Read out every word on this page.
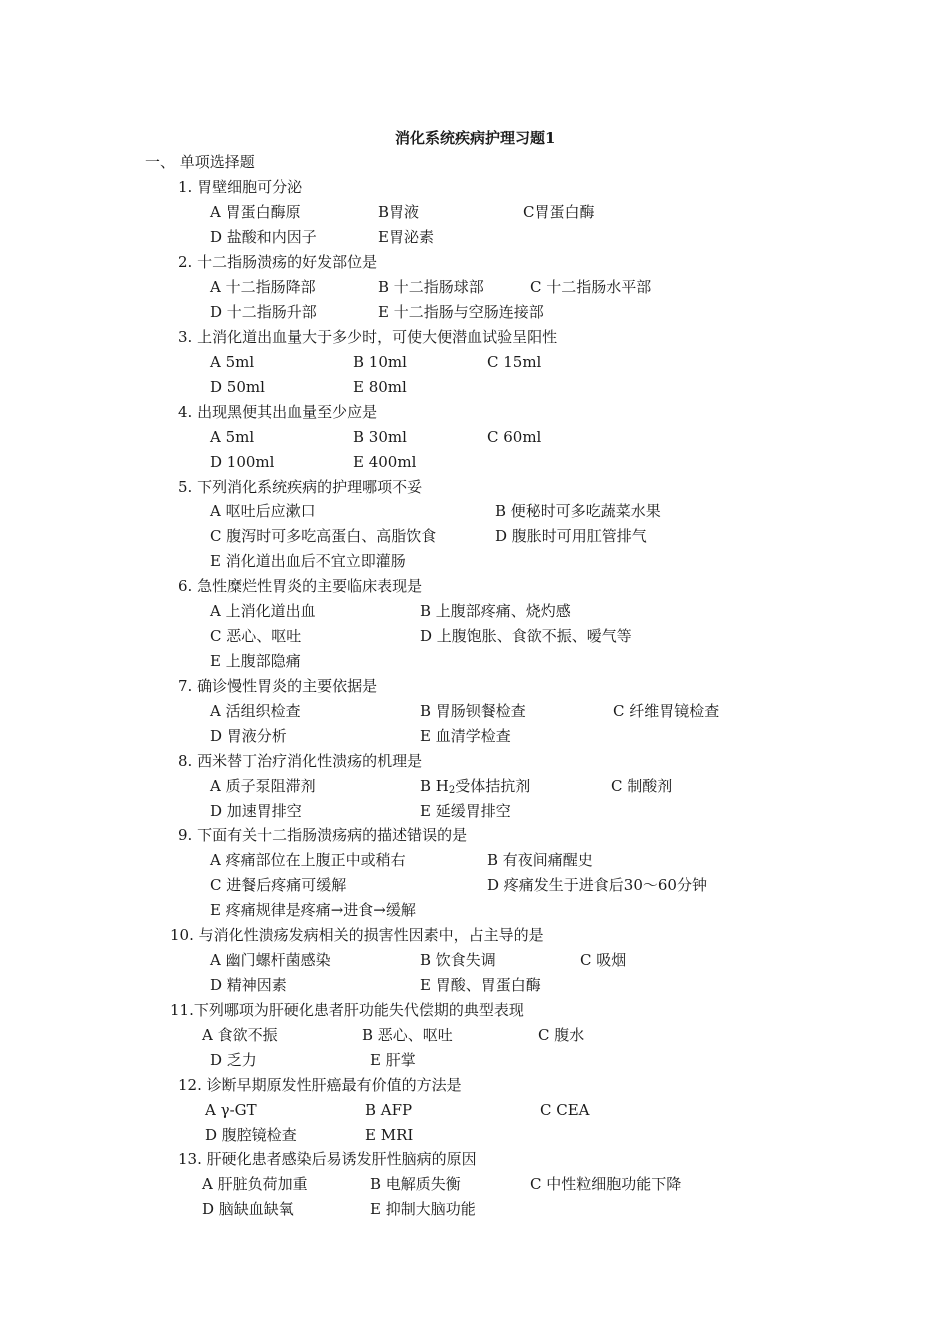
消化系统疾病护理习题1
一、 单项选择题
1. 胃壁细胞可分泌
A 胃蛋白酶原	B胃液	C胃蛋白酶
D 盐酸和内因子	E胃泌素
2. 十二指肠溃疡的好发部位是
A 十二指肠降部	B 十二指肠球部	C 十二指肠水平部
D 十二指肠升部	E 十二指肠与空肠连接部
3. 上消化道出血量大于多少时，可使大便潜血试验呈阳性
A 5ml	B 10ml	C 15ml
D 50ml	E 80ml
4. 出现黑便其出血量至少应是
A 5ml	B 30ml	C 60ml
D 100ml	E 400ml
5. 下列消化系统疾病的护理哪项不妥
A 呕吐后应漱口	B 便秘时可多吃蔬菜水果
C 腹泻时可多吃高蛋白、高脂饮食	D 腹胀时可用肛管排气
E 消化道出血后不宜立即灌肠
6. 急性糜烂性胃炎的主要临床表现是
A 上消化道出血	B 上腹部疼痛、烧灼感
C 恶心、呕吐	D 上腹饱胀、食欲不振、嗳气等
E 上腹部隐痛
7. 确诊慢性胃炎的主要依据是
A 活组织检查	B 胃肠钡餐检查	C 纤维胃镜检查
D 胃液分析	E 血清学检查
8. 西米替丁治疗消化性溃疡的机理是
A 质子泵阻滞剂	B $H_2$受体拮抗剂	C 制酸剂
D 加速胃排空	E 延缓胃排空
9. 下面有关十二指肠溃疡病的描述错误的是
A 疼痛部位在上腹正中或稍右	B 有夜间痛醒史
C 进餐后疼痛可缓解	D 疼痛发生于进食后30～60分钟
E 疼痛规律是疼痛→进食→缓解
10. 与消化性溃疡发病相关的损害性因素中，占主导的是
A 幽门螺杆菌感染	B 饮食失调	C 吸烟
D 精神因素	E 胃酸、胃蛋白酶
11.下列哪项为肝硬化患者肝功能失代偿期的典型表现
A 食欲不振	B 恶心、呕吐	C 腹水
D 乏力	E 肝掌
12. 诊断早期原发性肝癌最有价值的方法是
A γ-GT	B AFP	C CEA
D 腹腔镜检查	E MRI
13. 肝硬化患者感染后易诱发肝性脑病的原因
A 肝脏负荷加重	B 电解质失衡	C 中性粒细胞功能下降
D 脑缺血缺氧	E 抑制大脑功能
